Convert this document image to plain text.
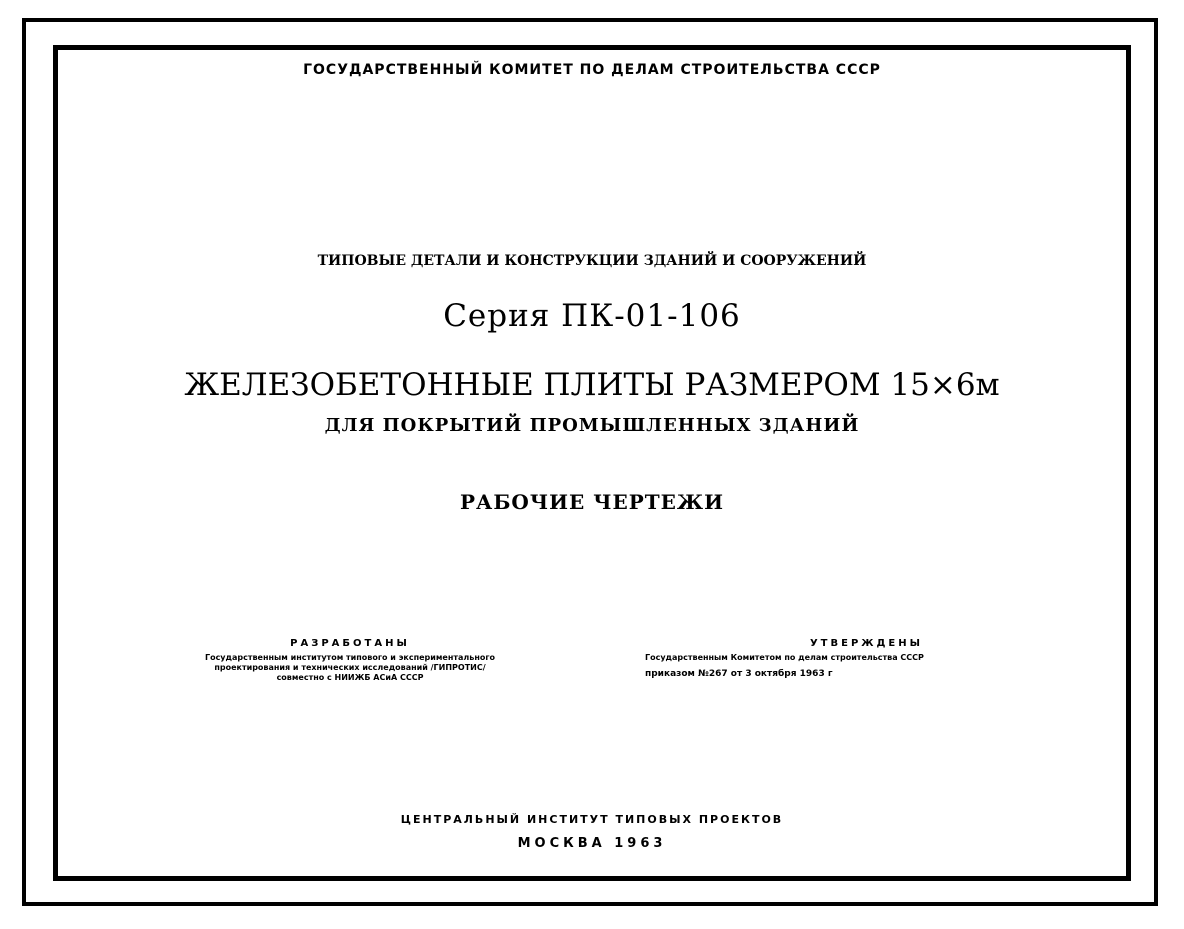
ГОСУДАРСТВЕННЫЙ КОМИТЕТ ПО ДЕЛАМ СТРОИТЕЛЬСТВА СССР
ТИПОВЫЕ ДЕТАЛИ И КОНСТРУКЦИИ ЗДАНИЙ И СООРУЖЕНИЙ
Серия ПК-01-106
ЖЕЛЕЗОБЕТОННЫЕ ПЛИТЫ РАЗМЕРОМ 15×6м
ДЛЯ ПОКРЫТИЙ ПРОМЫШЛЕННЫХ ЗДАНИЙ
РАБОЧИЕ ЧЕРТЕЖИ
РАЗРАБОТАНЫ
Государственным институтом типового и экспериментального
проектирования и технических исследований /ГИПРОТИС/
совместно с НИИЖБ АСиА СССР
УТВЕРЖДЕНЫ
Государственным Комитетом по делам строительства СССР
приказом №267 от 3 октября 1963 г
ЦЕНТРАЛЬНЫЙ ИНСТИТУТ ТИПОВЫХ ПРОЕКТОВ
МОСКВА 1963
